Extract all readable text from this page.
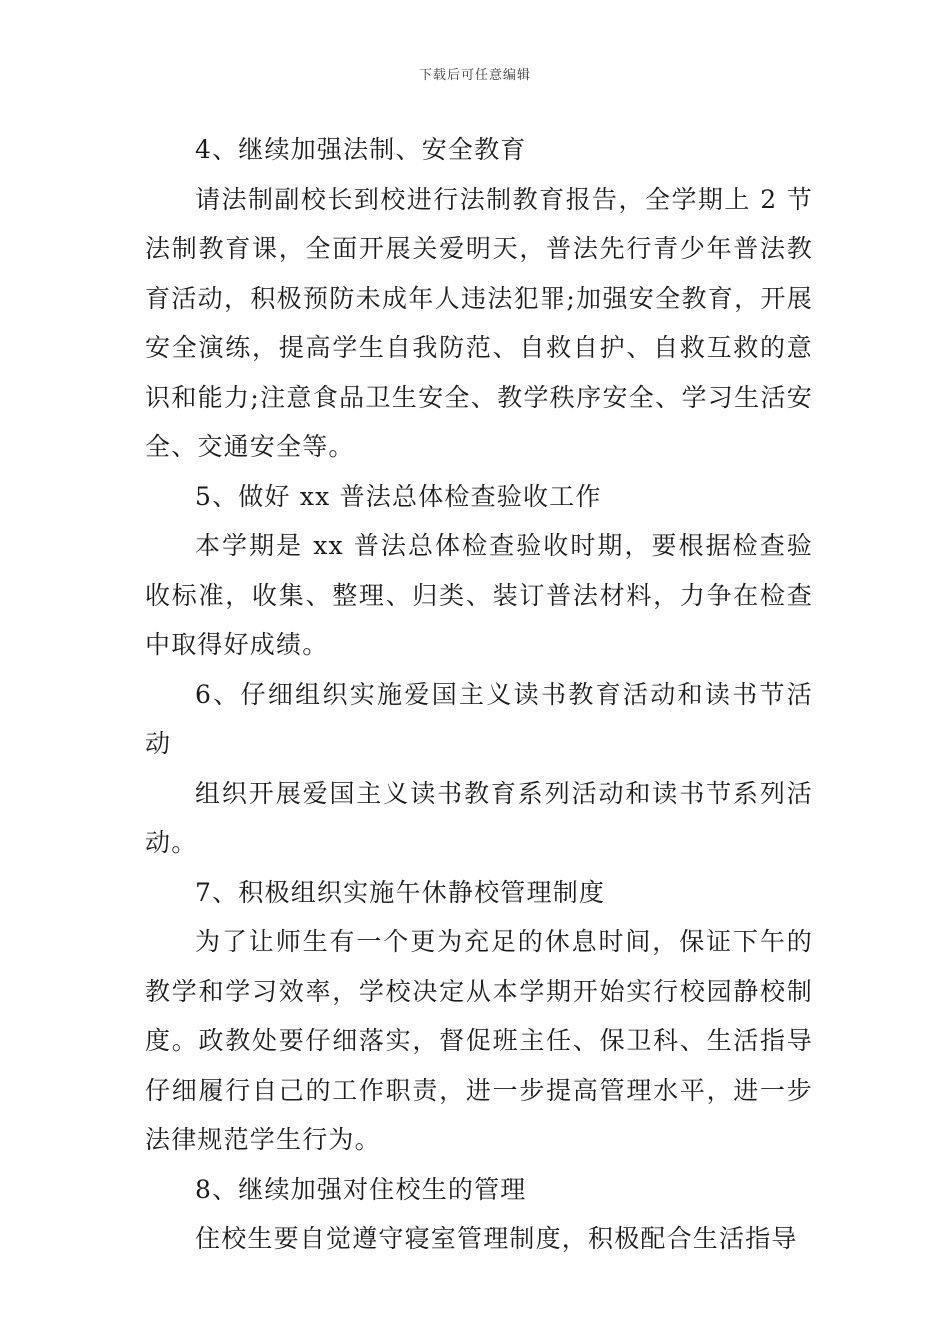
下载后可任意编辑

4、继续加强法制、安全教育

请法制副校长到校进行法制教育报告，全学期上 2 节法制教育课，全面开展关爱明天，普法先行青少年普法教育活动，积极预防未成年人违法犯罪;加强安全教育，开展安全演练，提高学生自我防范、自救自护、自救互救的意识和能力;注意食品卫生安全、教学秩序安全、学习生活安全、交通安全等。

5、做好 xx 普法总体检查验收工作

本学期是 xx 普法总体检查验收时期，要根据检查验收标准，收集、整理、归类、装订普法材料，力争在检查中取得好成绩。

6、仔细组织实施爱国主义读书教育活动和读书节活动

组织开展爱国主义读书教育系列活动和读书节系列活动。

7、积极组织实施午休静校管理制度

为了让师生有一个更为充足的休息时间，保证下午的教学和学习效率，学校决定从本学期开始实行校园静校制度。政教处要仔细落实，督促班主任、保卫科、生活指导仔细履行自己的工作职责，进一步提高管理水平，进一步法律规范学生行为。

8、继续加强对住校生的管理

住校生要自觉遵守寝室管理制度，积极配合生活指导
